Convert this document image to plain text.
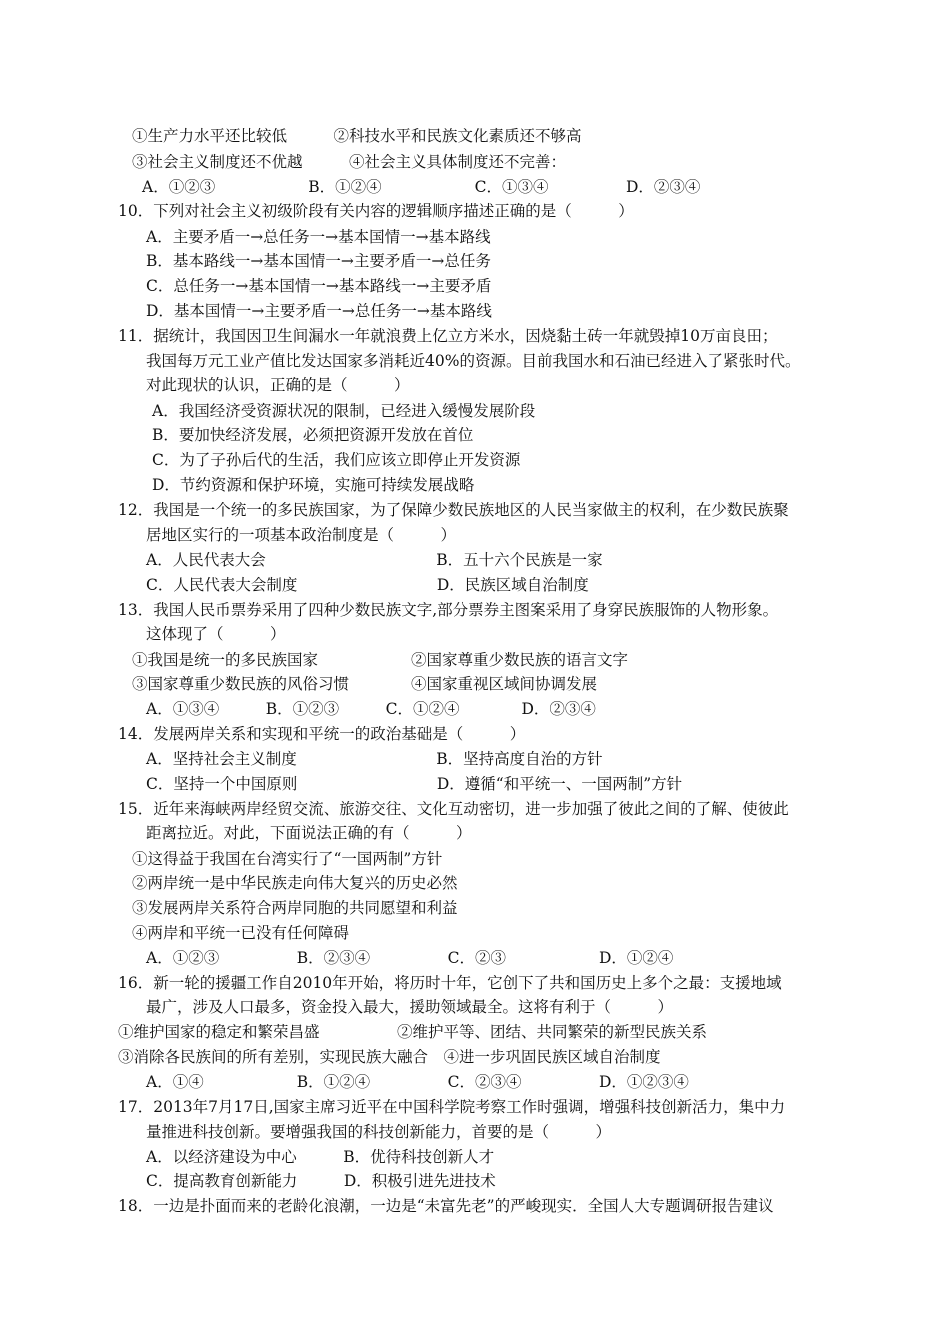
①生产力水平还比较低　　　②科技水平和民族文化素质还不够高
③社会主义制度还不优越　　　④社会主义具体制度还不完善：
A．①②③　　　　　　B．①②④　　　　　　C．①③④　　　　　D．②③④
10．下列对社会主义初级阶段有关内容的逻辑顺序描述正确的是（　　　）
A．主要矛盾一→总任务一→基本国情一→基本路线
B．基本路线一→基本国情一→主要矛盾一→总任务
C．总任务一→基本国情一→基本路线一→主要矛盾
D．基本国情一→主要矛盾一→总任务一→基本路线
11．据统计，我国因卫生间漏水一年就浪费上亿立方米水，因烧黏土砖一年就毁掉10万亩良田；
我国每万元工业产值比发达国家多消耗近40%的资源。目前我国水和石油已经进入了紧张时代。
对此现状的认识，正确的是（　　　）
A．我国经济受资源状况的限制，已经进入缓慢发展阶段
B．要加快经济发展，必须把资源开发放在首位
C．为了子孙后代的生活，我们应该立即停止开发资源
D．节约资源和保护环境，实施可持续发展战略
12．我国是一个统一的多民族国家，为了保障少数民族地区的人民当家做主的权利，在少数民族聚
居地区实行的一项基本政治制度是（　　　）
A．人民代表大会　　　　　　　　　　　B．五十六个民族是一家
C．人民代表大会制度　　　　　　　　　D．民族区域自治制度
13．我国人民币票券采用了四种少数民族文字,部分票券主图案采用了身穿民族服饰的人物形象。
这体现了（　　　）
①我国是统一的多民族国家　　　　　　②国家尊重少数民族的语言文字
③国家尊重少数民族的风俗习惯　　　　④国家重视区域间协调发展
A．①③④　　　B．①②③　　　C．①②④　　　　D．②③④
14．发展两岸关系和实现和平统一的政治基础是（　　　）
A．坚持社会主义制度　　　　　　　　　B．坚持高度自治的方针
C．坚持一个中国原则　　　　　　　　　D．遵循“和平统一、一国两制”方针
15．近年来海峡两岸经贸交流、旅游交往、文化互动密切，进一步加强了彼此之间的了解、使彼此
距离拉近。对此，下面说法正确的有（　　　）
①这得益于我国在台湾实行了“一国两制”方针
②两岸统一是中华民族走向伟大复兴的历史必然
③发展两岸关系符合两岸同胞的共同愿望和利益
④两岸和平统一已没有任何障碍
A．①②③　　　　　B．②③④　　　　　C．②③　　　　　　D．①②④
16．新一轮的援疆工作自2010年开始，将历时十年，它创下了共和国历史上多个之最：支援地域
最广，涉及人口最多，资金投入最大，援助领域最全。这将有利于（　　　）
①维护国家的稳定和繁荣昌盛　　　　　②维护平等、团结、共同繁荣的新型民族关系
③消除各民族间的所有差别，实现民族大融合　④进一步巩固民族区域自治制度
A．①④　　　　　　B．①②④　　　　　C．②③④　　　　　D．①②③④
17．2013年7月17日,国家主席习近平在中国科学院考察工作时强调，增强科技创新活力，集中力
量推进科技创新。要增强我国的科技创新能力，首要的是（　　　）
A．以经济建设为中心　　　B．优待科技创新人才
C．提高教育创新能力　　　D．积极引进先进技术
18．一边是扑面而来的老龄化浪潮，一边是“未富先老”的严峻现实．全国人大专题调研报告建议
